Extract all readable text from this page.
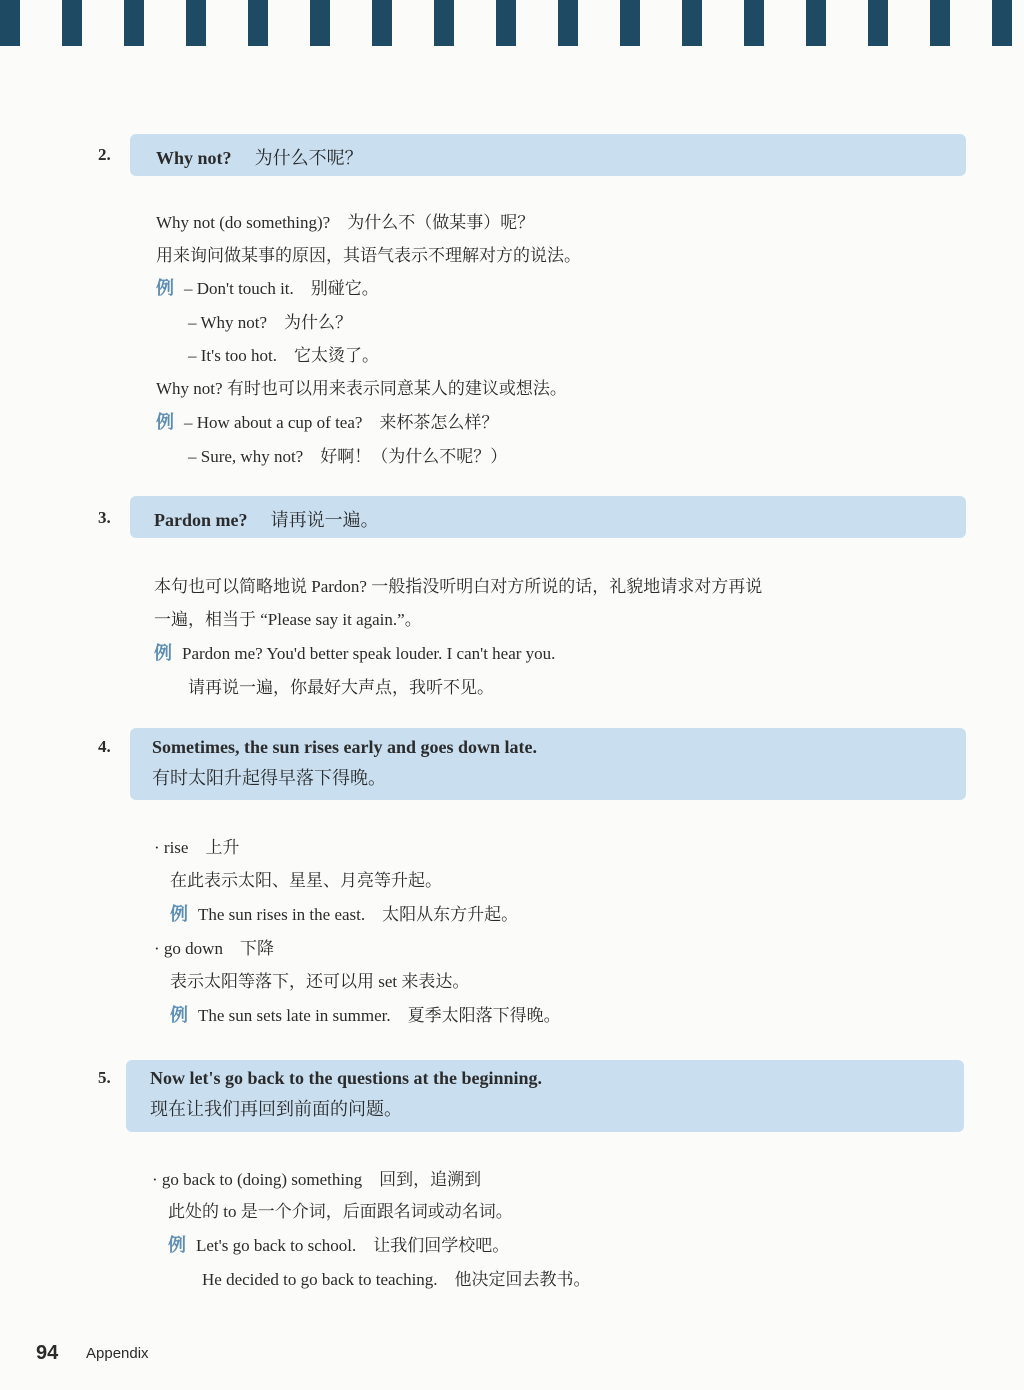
2.	Why not? 为什么不呢？
Why not (do something)?　为什么不（做某事）呢？
用来询问做某事的原因，其语气表示不理解对方的说法。
例 – Don't touch it.　别碰它。
– Why not?　为什么？
– It's too hot.　它太烫了。
Why not? 有时也可以用来表示同意某人的建议或想法。
例 – How about a cup of tea?　来杯茶怎么样？
– Sure, why not?　好啊！（为什么不呢？）
3. Pardon me? 请再说一遍。
本句也可以简略地说 Pardon? 一般指没听明白对方所说的话，礼貌地请求对方再说
一遍，相当于 “Please say it again.”。
例 Pardon me? You'd better speak louder. I can't hear you.
请再说一遍，你最好大声点，我听不见。
4. Sometimes, the sun rises early and goes down late.
有时太阳升起得早落下得晚。
· rise　上升
在此表示太阳、星星、月亮等升起。
例 The sun rises in the east.　太阳从东方升起。
· go down　下降
表示太阳等落下，还可以用 set 来表达。
例 The sun sets late in summer.　夏季太阳落下得晚。
5. Now let's go back to the questions at the beginning.
现在让我们再回到前面的问题。
· go back to (doing) something　回到，追溯到
此处的 to 是一个介词，后面跟名词或动名词。
例 Let's go back to school.　让我们回学校吧。
He decided to go back to teaching.　他决定回去教书。
94 Appendix
